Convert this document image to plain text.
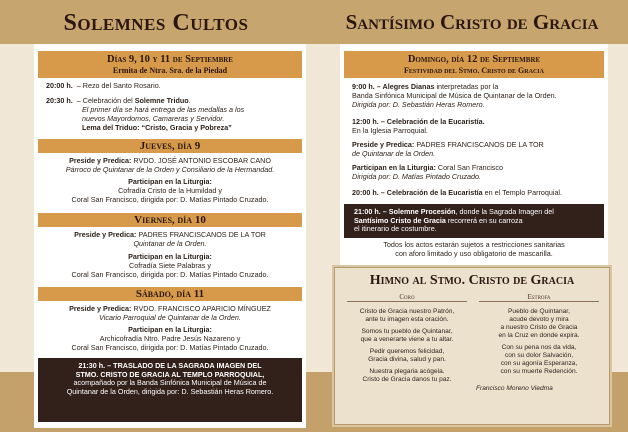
Solemnes Cultos	Santísimo Cristo de Gracia
Días 9, 10 y 11 de Septiembre
Ermita de Ntra. Sra. de la Piedad
20:00 h. – Rezo del Santo Rosario.
20:30 h. – Celebración del Solemne Triduo.
El primer día se hará entrega de las medallas a los
nuevos Mayordomos, Camareras y Servidor.
Lema del Triduo: “Cristo, Gracia y Pobreza”
Jueves, día 9
Preside y Predica: RVDO. JOSÉ ANTONIO ESCOBAR CANO
Párroco de Quintanar de la Orden y Consiliario de la Hermandad.
Participan en la Liturgia:
Cofradía Cristo de la Humildad y
Coral San Francisco, dirigida por: D. Matías Pintado Cruzado.
Viernes, día 10
Preside y Predica: PADRES FRANCISCANOS DE LA TOR
Quintanar de la Orden.
Participan en la Liturgia:
Cofradía Siete Palabras y
Coral San Francisco, dirigida por: D. Matías Pintado Cruzado.
Sábado, día 11
Preside y Predica: RVDO. FRANCISCO APARICIO MÍNGUEZ
Vicario Parroquial de Quintanar de la Orden.
Participan en la Liturgia:
Archicofradía Ntro. Padre Jesús Nazareno y
Coral San Francisco, dirigida por: D. Matías Pintado Cruzado.
21:30 h. – TRASLADO DE LA SAGRADA IMAGEN DEL
STMO. CRISTO DE GRACIA AL TEMPLO PARROQUIAL,
acompañado por la Banda Sinfónica Municipal de Música de
Quintanar de la Orden, dirigida por: D. Sebastián Heras Romero.
Domingo, día 12 de Septiembre
Festividad del Stmo. Cristo de Gracia
9:00 h. – Alegres Dianas interpretadas por la
Banda Sinfónica Municipal de Música de Quintanar de la Orden.
Dirigida por: D. Sebastián Heras Romero.
12:00 h. – Celebración de la Eucaristía.
En la Iglesia Parroquial.
Preside y Predica: PADRES FRANCISCANOS DE LA TOR
de Quintanar de la Orden.
Participan en la Liturgia: Coral San Francisco
Dirigida por: D. Matías Pintado Cruzado.
20:00 h. – Celebración de la Eucaristía en el Templo Parroquial.
21:00 h. – Solemne Procesión, donde la Sagrada Imagen del
Santísimo Cristo de Gracia recorrerá en su carroza
el itinerario de costumbre.
Todos los actos estarán sujetos a restricciones sanitarias
con aforo limitado y uso obligatorio de mascarilla.
Himno al Stmo. Cristo de Gracia
Coro	Estrofa
Cristo de Gracia nuestro Patrón,
ante tu imagen esta oración.
Somos tu pueblo de Quintanar,
que a venerarte viene a tu altar.
Pedir queremos felicidad,
Gracia divina, salud y pan.
Nuestra plegaria acógela.
Cristo de Gracia danos tu paz.
Pueblo de Quintanar,
acude devoto y mira
a nuestro Cristo de Gracia
en la Cruz en donde expira.
Con su pena nos da vida,
con su dolor Salvación,
con su agonía Esperanza,
con su muerte Redención.
Francisco Moreno Viedma
